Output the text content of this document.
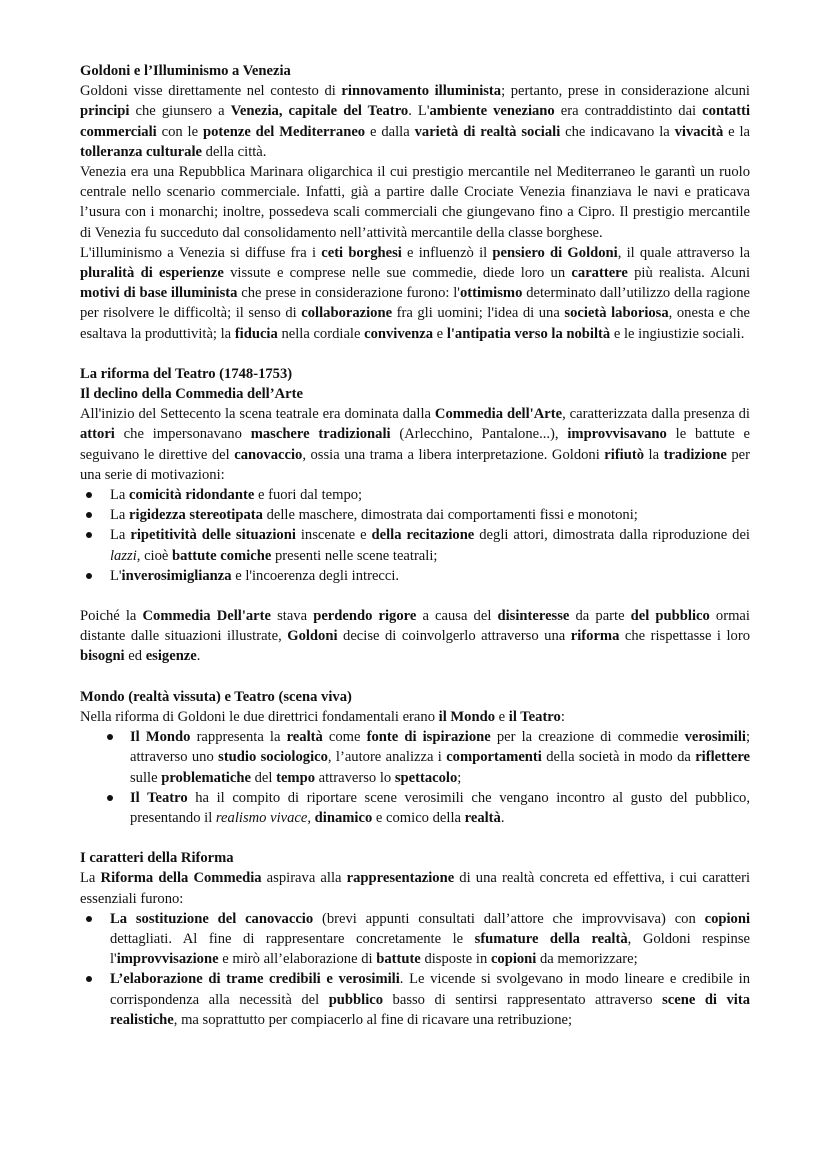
Goldoni e l’Illuminismo a Venezia

Goldoni visse direttamente nel contesto di rinnovamento illuminista; pertanto, prese in considerazione alcuni principi che giunsero a Venezia, capitale del Teatro. L'ambiente veneziano era contraddistinto dai contatti commerciali con le potenze del Mediterraneo e dalla varietà di realtà sociali che indicavano la vivacità e la tolleranza culturale della città.

Venezia era una Repubblica Marinara oligarchica il cui prestigio mercantile nel Mediterraneo le garantì un ruolo centrale nello scenario commerciale. Infatti, già a partire dalle Crociate Venezia finanziava le navi e praticava l’usura con i monarchi; inoltre, possedeva scali commerciali che giungevano fino a Cipro. Il prestigio mercantile di Venezia fu succeduto dal consolidamento nell’attività mercantile della classe borghese.

L'illuminismo a Venezia si diffuse fra i ceti borghesi e influenzò il pensiero di Goldoni, il quale attraverso la pluralità di esperienze vissute e comprese nelle sue commedie, diede loro un carattere più realista. Alcuni motivi di base illuminista che prese in considerazione furono: l'ottimismo determinato dall’utilizzo della ragione per risolvere le difficoltà; il senso di collaborazione fra gli uomini; l'idea di una società laboriosa, onesta e che esaltava la produttività; la fiducia nella cordiale convivenza e l'antipatia verso la nobiltà e le ingiustizie sociali.

La riforma del Teatro (1748-1753)

Il declino della Commedia dell’Arte

All'inizio del Settecento la scena teatrale era dominata dalla Commedia dell'Arte, caratterizzata dalla presenza di attori che impersonavano maschere tradizionali (Arlecchino, Pantalone...), improvvisavano le battute e seguivano le direttive del canovaccio, ossia una trama a libera interpretazione. Goldoni rifiutò la tradizione per una serie di motivazioni:

La comicità ridondante e fuori dal tempo;
La rigidezza stereotipata delle maschere, dimostrata dai comportamenti fissi e monotoni;
La ripetitività delle situazioni inscenate e della recitazione degli attori, dimostrata dalla riproduzione dei lazzi, cioè battute comiche presenti nelle scene teatrali;
L'inverosimiglianza e l'incoerenza degli intrecci.

Poiché la Commedia Dell'arte stava perdendo rigore a causa del disinteresse da parte del pubblico ormai distante dalle situazioni illustrate, Goldoni decise di coinvolgerlo attraverso una riforma che rispettasse i loro bisogni ed esigenze.

Mondo (realtà vissuta) e Teatro (scena viva)

Nella riforma di Goldoni le due direttrici fondamentali erano il Mondo e il Teatro:

Il Mondo rappresenta la realtà come fonte di ispirazione per la creazione di commedie verosimili; attraverso uno studio sociologico, l’autore analizza i comportamenti della società in modo da riflettere sulle problematiche del tempo attraverso lo spettacolo;
Il Teatro ha il compito di riportare scene verosimili che vengano incontro al gusto del pubblico, presentando il realismo vivace, dinamico e comico della realtà.

I caratteri della Riforma

La Riforma della Commedia aspirava alla rappresentazione di una realtà concreta ed effettiva, i cui caratteri essenziali furono:

La sostituzione del canovaccio (brevi appunti consultati dall’attore che improvvisava) con copioni dettagliati. Al fine di rappresentare concretamente le sfumature della realtà, Goldoni respinse l'improvvisazione e mirò all’elaborazione di battute disposte in copioni da memorizzare;
L’elaborazione di trame credibili e verosimili. Le vicende si svolgevano in modo lineare e credibile in corrispondenza alla necessità del pubblico basso di sentirsi rappresentato attraverso scene di vita realistiche, ma soprattutto per compiacerlo al fine di ricavare una retribuzione;
